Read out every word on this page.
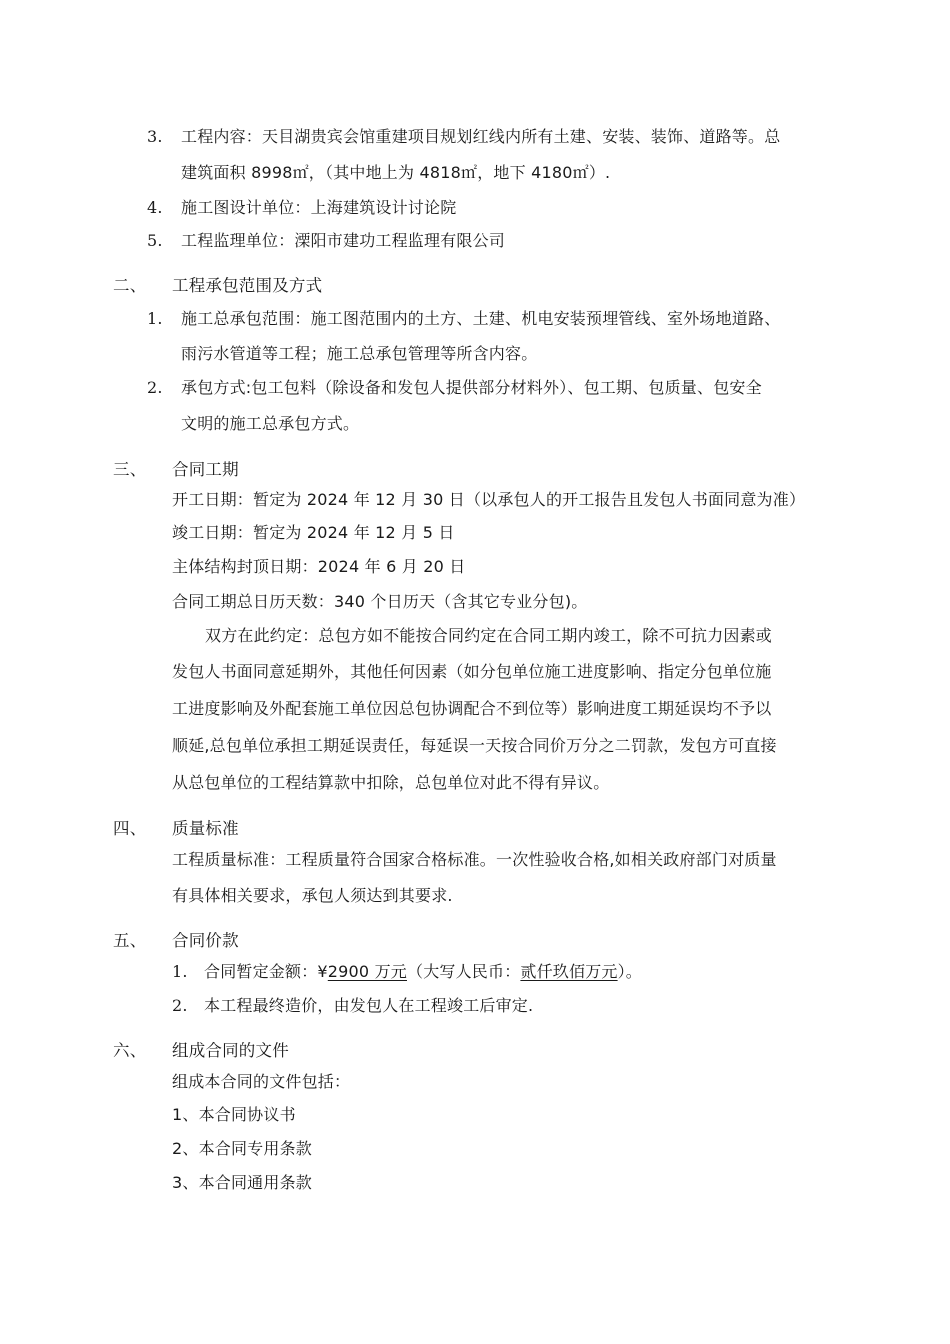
3. 工程内容：天目湖贵宾会馆重建项目规划红线内所有土建、安装、装饰、道路等。总
建筑面积 8998㎡，（其中地上为 4818㎡，地下 4180㎡）.
4. 施工图设计单位：上海建筑设计讨论院
5. 工程监理单位：溧阳市建功工程监理有限公司
二、 工程承包范围及方式
1. 施工总承包范围：施工图范围内的土方、土建、机电安装预埋管线、室外场地道路、
雨污水管道等工程；施工总承包管理等所含内容。
2. 承包方式:包工包料（除设备和发包人提供部分材料外）、包工期、包质量、包安全
文明的施工总承包方式。
三、 合同工期
开工日期：暂定为 2024 年 12 月 30 日（以承包人的开工报告且发包人书面同意为准）
竣工日期：暂定为 2024 年 12 月 5 日
主体结构封顶日期：2024 年 6 月 20 日
合同工期总日历天数：340 个日历天（含其它专业分包)。
双方在此约定：总包方如不能按合同约定在合同工期内竣工，除不可抗力因素或
发包人书面同意延期外，其他任何因素（如分包单位施工进度影响、指定分包单位施
工进度影响及外配套施工单位因总包协调配合不到位等）影响进度工期延误均不予以
顺延,总包单位承担工期延误责任，每延误一天按合同价万分之二罚款，发包方可直接
从总包单位的工程结算款中扣除，总包单位对此不得有异议。
四、 质量标准
工程质量标准：工程质量符合国家合格标准。一次性验收合格,如相关政府部门对质量
有具体相关要求，承包人须达到其要求.
五、 合同价款
1. 合同暂定金额：¥2900 万元（大写人民币：贰仟玖佰万元）。
2. 本工程最终造价，由发包人在工程竣工后审定.
六、 组成合同的文件
组成本合同的文件包括：
1、本合同协议书
2、本合同专用条款
3、本合同通用条款
